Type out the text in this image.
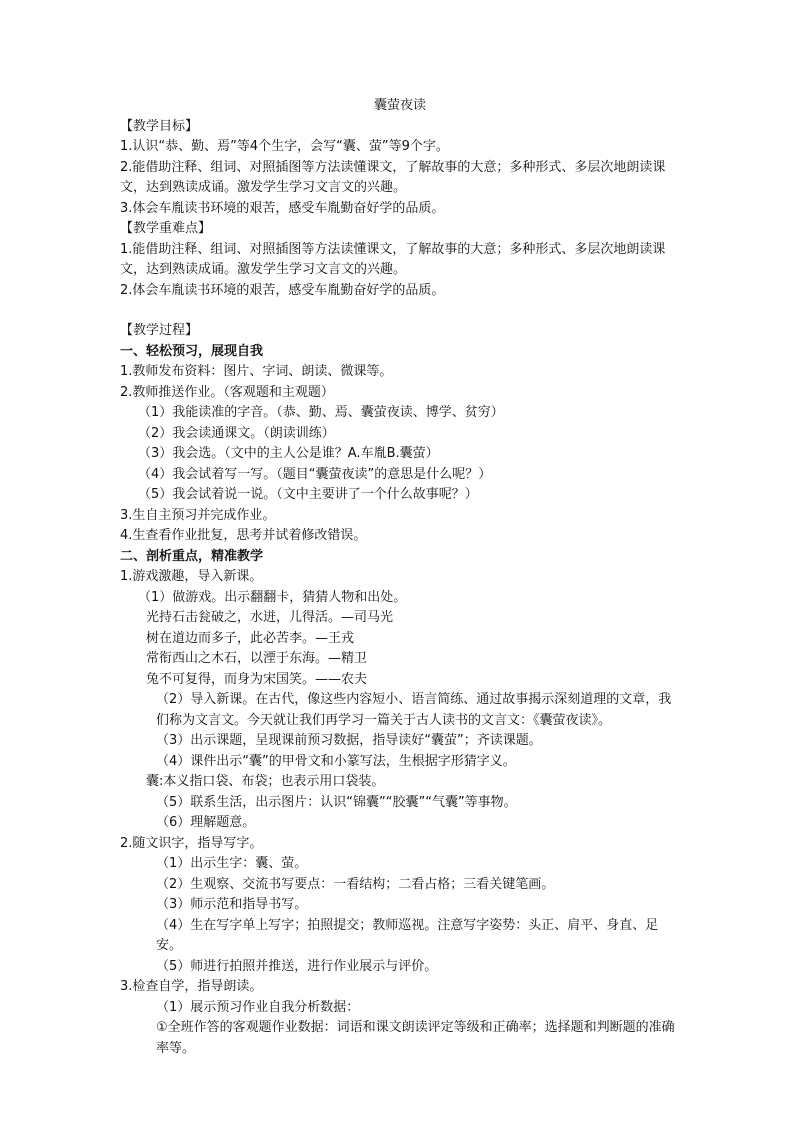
囊萤夜读
【教学目标】
1.认识“恭、勤、焉”等4个生字，会写“囊、萤”等9个字。
2.能借助注释、组词、对照插图等方法读懂课文，了解故事的大意；多种形式、多层次地朗读课文，达到熟读成诵。激发学生学习文言文的兴趣。
3.体会车胤读书环境的艰苦，感受车胤勤奋好学的品质。
【教学重难点】
1.能借助注释、组词、对照插图等方法读懂课文，了解故事的大意；多种形式、多层次地朗读课文，达到熟读成诵。激发学生学习文言文的兴趣。
2.体会车胤读书环境的艰苦，感受车胤勤奋好学的品质。
【教学过程】
一、轻松预习，展现自我
1.教师发布资料：图片、字词、朗读、微课等。
2.教师推送作业。（客观题和主观题）
（1）我能读准的字音。（恭、勤、焉、囊萤夜读、博学、贫穷）
（2）我会读通课文。（朗读训练）
（3）我会选。（文中的主人公是谁？A.车胤B.囊萤）
（4）我会试着写一写。（题目“囊萤夜读”的意思是什么呢？）
（5）我会试着说一说。（文中主要讲了一个什么故事呢？）
3.生自主预习并完成作业。
4.生查看作业批复，思考并试着修改错误。
二、剖析重点，精准教学
1.游戏激趣，导入新课。
（1）做游戏。出示翻翻卡，猜猜人物和出处。
光持石击瓮破之，水迸，儿得活。—司马光
树在道边而多子，此必苦李。—王戎
常衔西山之木石，以湮于东海。—精卫
兔不可复得，而身为宋国笑。——农夫
（2）导入新课。在古代，像这些内容短小、语言简练、通过故事揭示深刻道理的文章，我们称为文言文。今天就让我们再学习一篇关于古人读书的文言文：《囊萤夜读》。
（3）出示课题，呈现课前预习数据，指导读好“囊萤”；齐读课题。
（4）课件出示“囊”的甲骨文和小篆写法，生根据字形猜字义。
囊:本义指口袋、布袋；也表示用口袋装。
（5）联系生活，出示图片：认识“锦囊”“胶囊”“气囊”等事物。
（6）理解题意。
2.随文识字，指导写字。
（1）出示生字：囊、萤。
（2）生观察、交流书写要点：一看结构；二看占格；三看关键笔画。
（3）师示范和指导书写。
（4）生在写字单上写字；拍照提交；教师巡视。注意写字姿势：头正、肩平、身直、足安。
（5）师进行拍照并推送，进行作业展示与评价。
3.检查自学，指导朗读。
（1）展示预习作业自我分析数据：
①全班作答的客观题作业数据：词语和课文朗读评定等级和正确率；选择题和判断题的准确率等。
